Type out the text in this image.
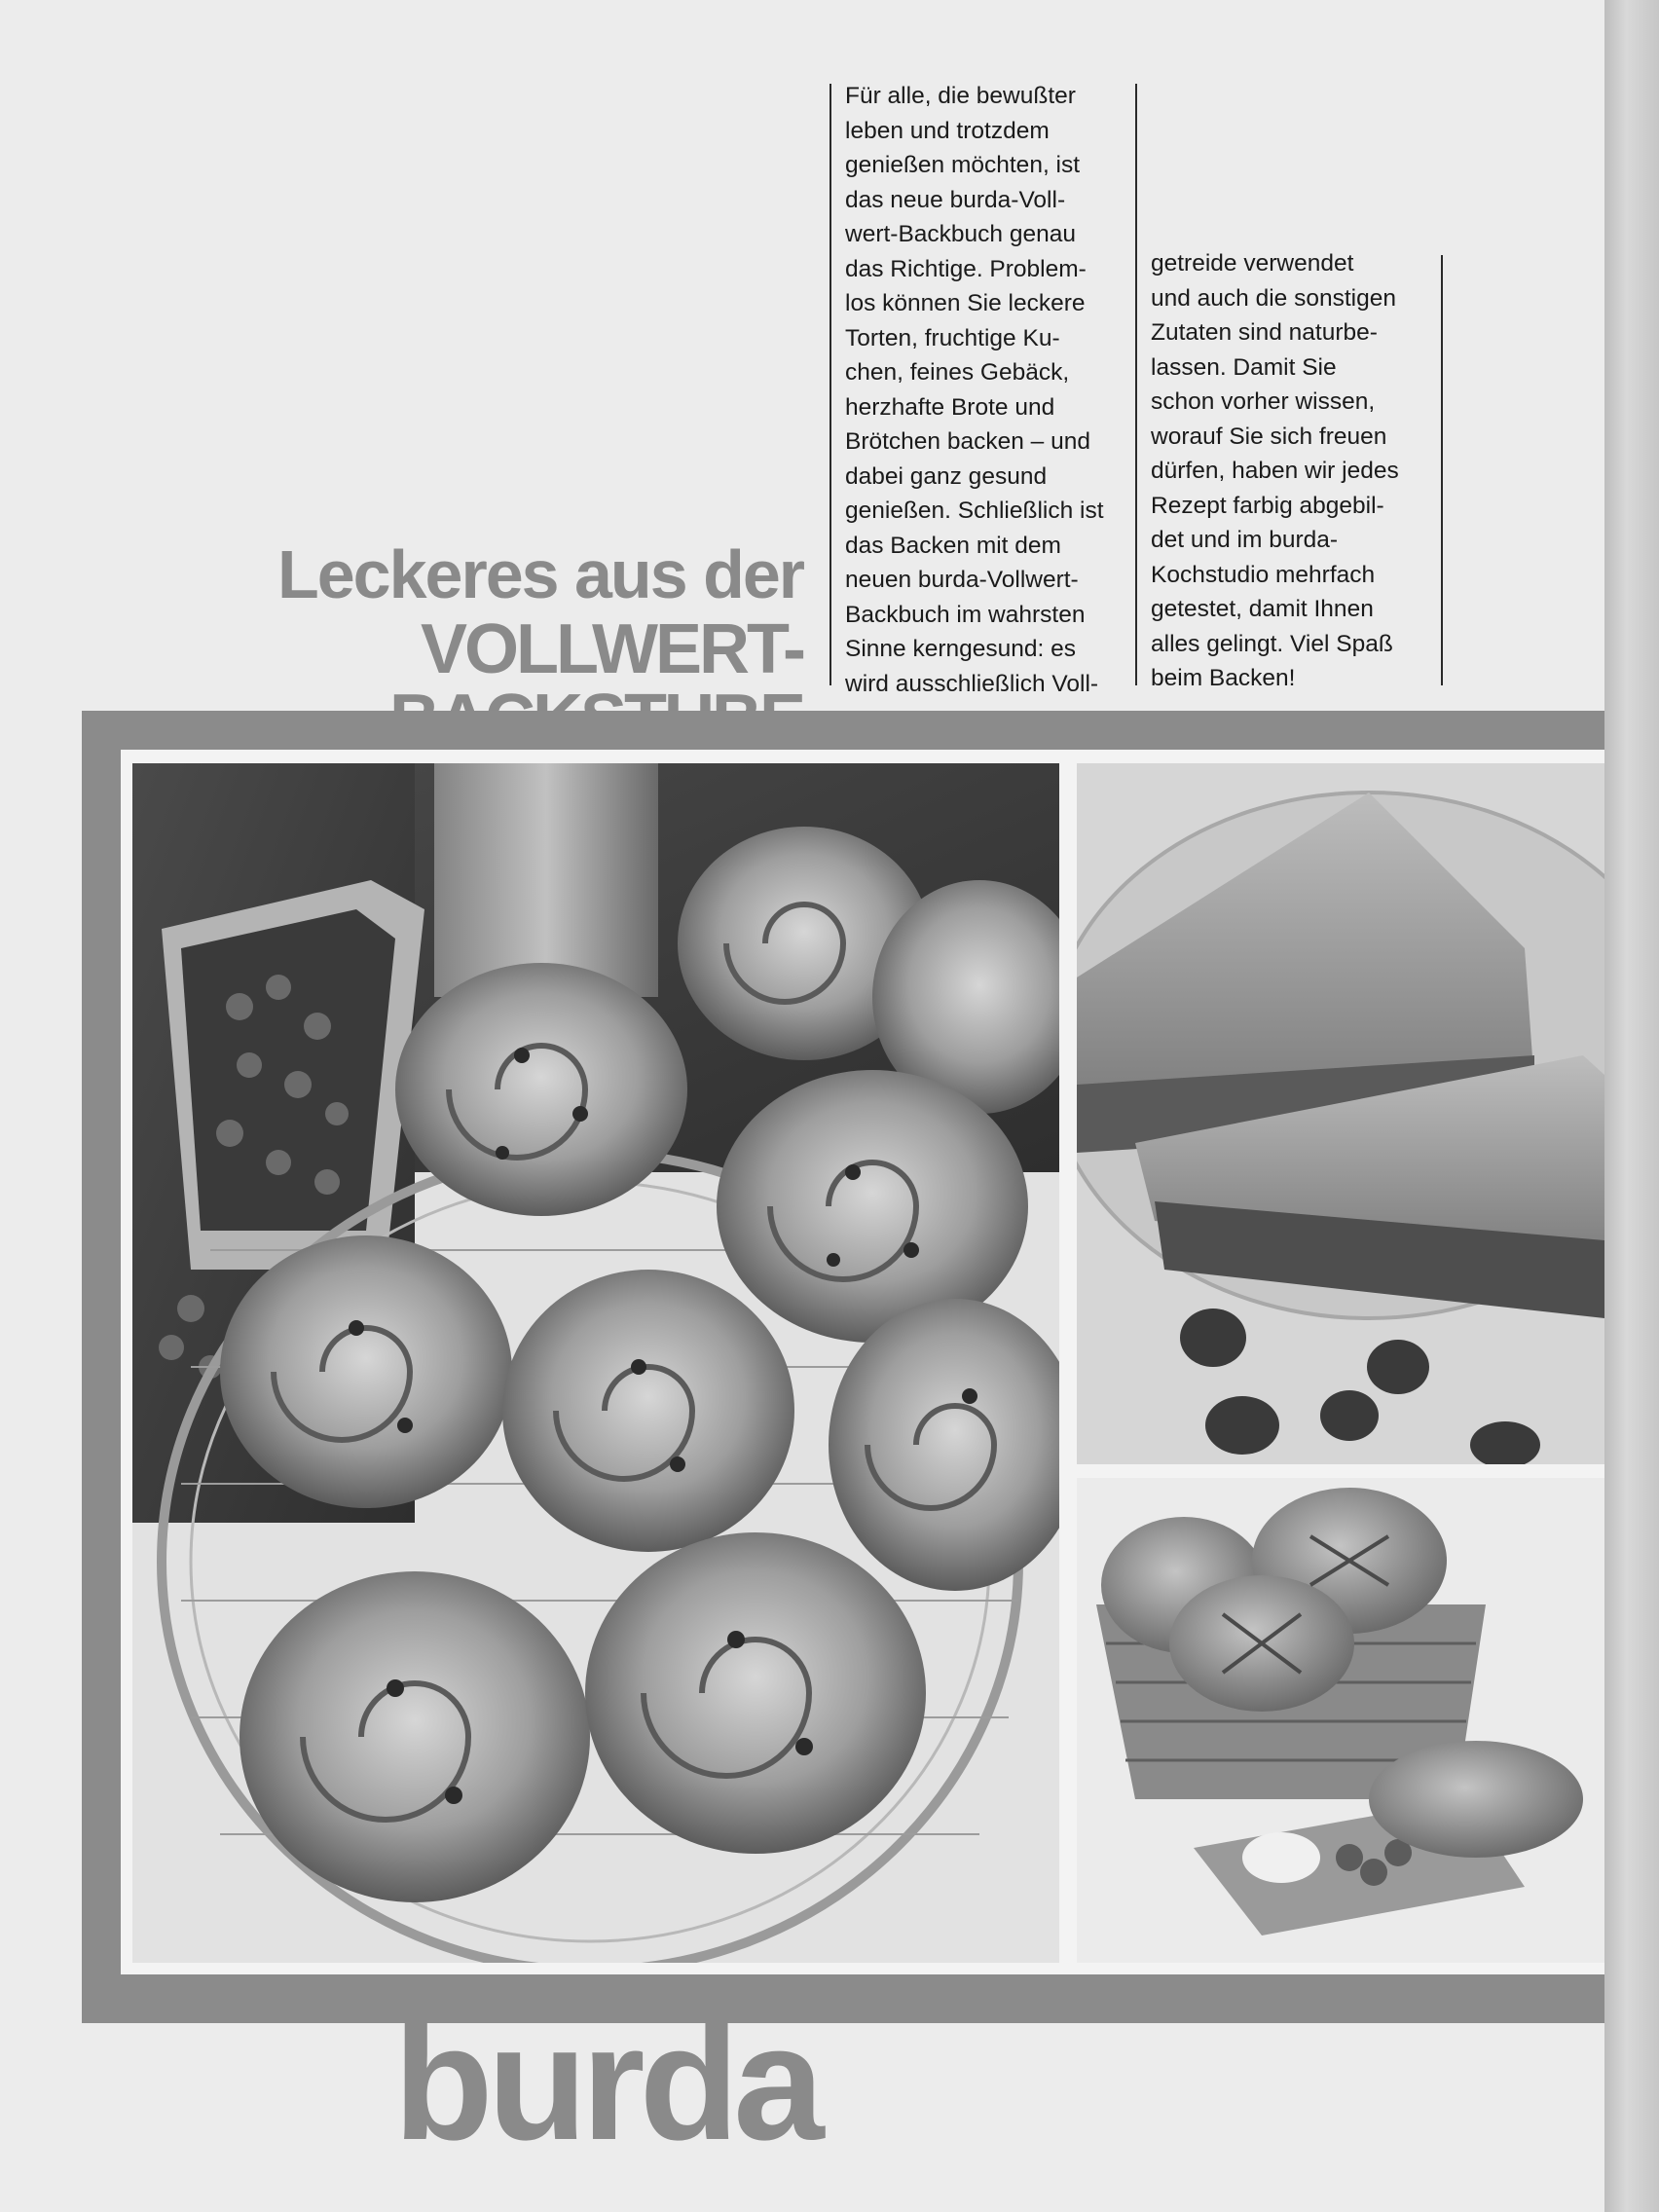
Leckeres aus der
VOLLWERT-

Für alle, die bewußter
leben und trotzdem
genießen möchten, ist
das neue burda-Voll-
wert-Backbuch genau
das Richtige. Problem-
los können Sie leckere
Torten, fruchtige Ku-
chen, feines Gebäck,
herzhafte Brote und
Brötchen backen – und
dabei ganz gesund
genießen. Schließlich ist
das Backen mit dem
neuen burda-Vollwert-
Backbuch im wahrsten
Sinne kerngesund: es
wird ausschließlich Voll-

getreide verwendet
und auch die sonstigen
Zutaten sind naturbe-
lassen. Damit Sie
schon vorher wissen,
worauf Sie sich freuen
dürfen, haben wir jedes
Rezept farbig abgebil-
det und im burda-
Kochstudio mehrfach
getestet, damit Ihnen
alles gelingt. Viel Spaß
beim Backen!

burda
